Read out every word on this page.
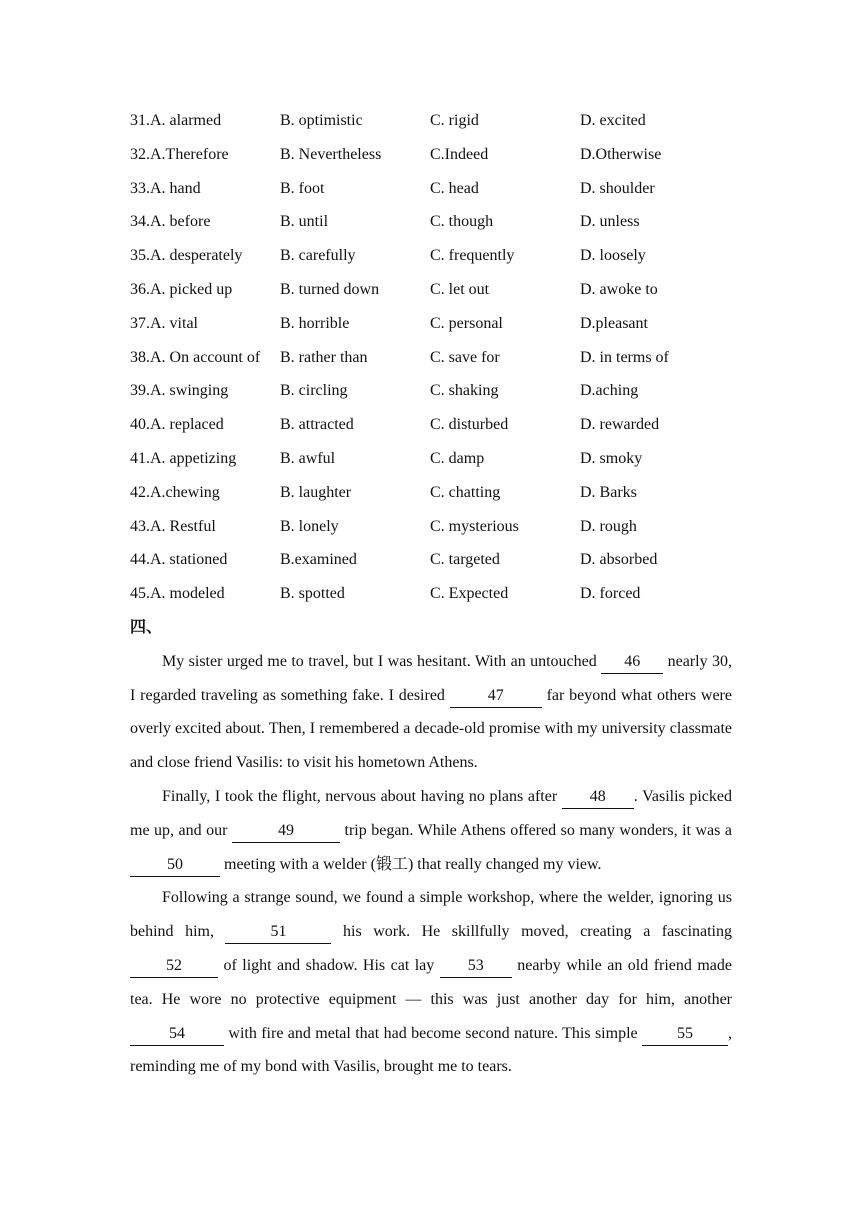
31.A. alarmed	B. optimistic	C. rigid	D. excited
32.A.Therefore	B. Nevertheless	C.Indeed	D.Otherwise
33.A. hand	B. foot	C. head	D. shoulder
34.A. before	B. until	C. though	D. unless
35.A. desperately B. carefully	C. frequently	D. loosely
36.A. picked up	B. turned down	C. let out	D. awoke to
37.A. vital	B. horrible	C. personal	D.pleasant
38.A. On account of B. rather than	C. save for	D. in terms of
39.A. swinging	B. circling	C. shaking	D.aching
40.A. replaced	B. attracted	C. disturbed	D. rewarded
41.A. appetizing	B. awful	C. damp	D. smoky
42.A.chewing	B. laughter	C. chatting	D. Barks
43.A. Restful	B. lonely	C. mysterious	D. rough
44.A. stationed	B.examined	C. targeted	D. absorbed
45.A. modeled	B. spotted	C. Expected	D. forced
四、

My sister urged me to travel, but I was hesitant. With an untouched 46 nearly 30, I regarded traveling as something fake. I desired 47 far beyond what others were overly excited about. Then, I remembered a decade-old promise with my university classmate and close friend Vasilis: to visit his hometown Athens.

Finally, I took the flight, nervous about having no plans after 48 . Vasilis picked me up, and our	49	trip began. While Athens offered so many wonders, it was a 50 meeting with a welder (锻工) that really changed my view.

Following a strange sound, we found a simple workshop, where the welder, ignoring us behind him,	51	his work. He skillfully moved, creating a fascinating 52 of light and shadow. His cat lay 53 nearby while an old friend made tea. He wore no protective equipment — this was just another day for him, another 54 with fire and metal that had become second nature. This simple 55 , reminding me of my bond with Vasilis, brought me to tears.
